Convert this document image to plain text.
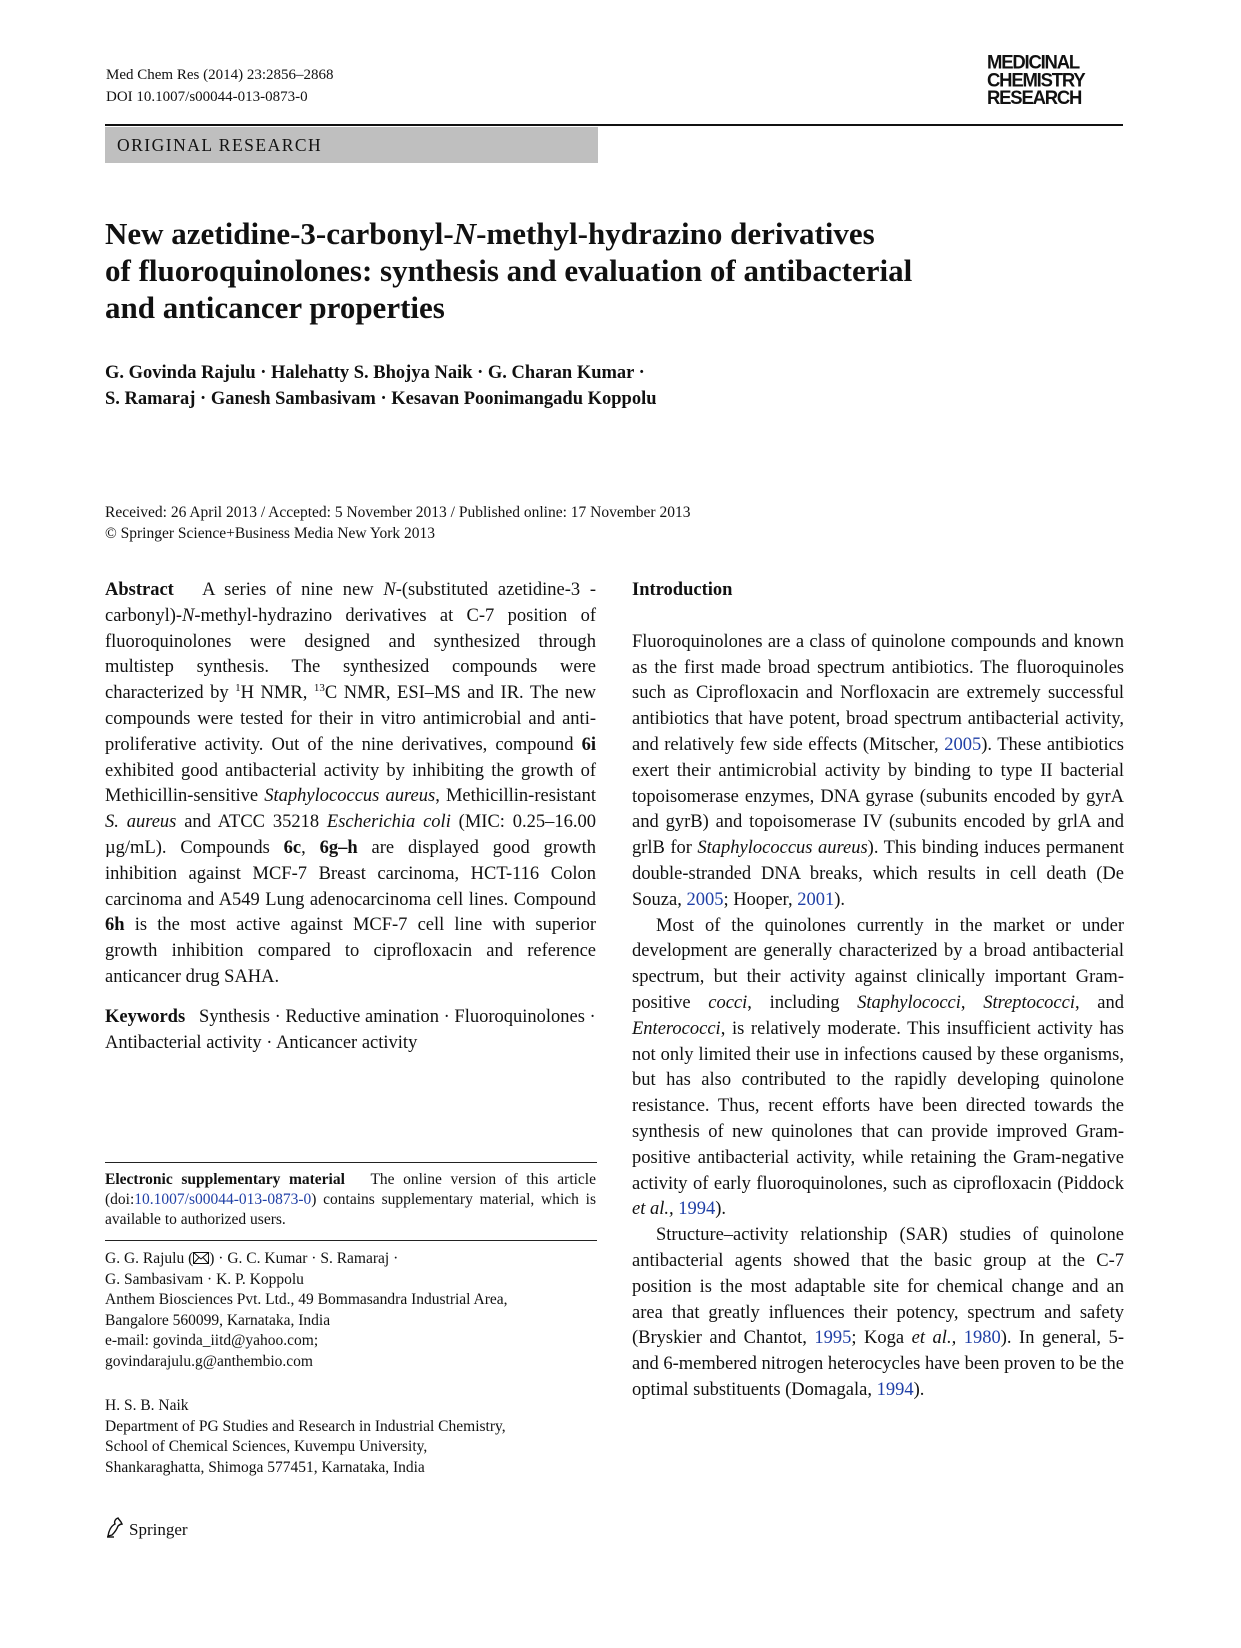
Med Chem Res (2014) 23:2856–2868
DOI 10.1007/s00044-013-0873-0
MEDICINAL
CHEMISTRY
RESEARCH
ORIGINAL RESEARCH
New azetidine-3-carbonyl-N-methyl-hydrazino derivatives
of fluoroquinolones: synthesis and evaluation of antibacterial
and anticancer properties
G. Govinda Rajulu · Halehatty S. Bhojya Naik · G. Charan Kumar ·
S. Ramaraj · Ganesh Sambasivam · Kesavan Poonimangadu Koppolu
Received: 26 April 2013 / Accepted: 5 November 2013 / Published online: 17 November 2013
© Springer Science+Business Media New York 2013

Abstract A series of nine new N-(substituted azetidine-3 -carbonyl)-N-methyl-hydrazino derivatives at C-7 position of fluoroquinolones were designed and synthesized through multistep synthesis. The synthesized compounds were characterized by $^1$H NMR, $^{13}$C NMR, ESI–MS and IR. The new compounds were tested for their in vitro antimicrobial and anti-proliferative activity. Out of the nine derivatives, compound 6i exhibited good antibacterial activity by inhibiting the growth of Methicillin-sensitive Staphylococcus aureus, Methicillin-resistant S. aureus and ATCC 35218 Escherichia coli (MIC: 0.25–16.00 µg/mL). Compounds 6c, 6g–h are displayed good growth inhibition against MCF-7 Breast carcinoma, HCT-116 Colon carcinoma and A549 Lung adenocarcinoma cell lines. Compound 6h is the most active against MCF-7 cell line with superior growth inhibition compared to ciprofloxacin and reference anticancer drug SAHA.

Keywords Synthesis · Reductive amination · Fluoroquinolones · Antibacterial activity · Anticancer activity

Electronic supplementary material The online version of this article (doi:10.1007/s00044-013-0873-0) contains supplementary material, which is available to authorized users.
G. G. Rajulu ( ) · G. C. Kumar · S. Ramaraj ·
G. Sambasivam · K. P. Koppolu
Anthem Biosciences Pvt. Ltd., 49 Bommasandra Industrial Area,
Bangalore 560099, Karnataka, India
e-mail: govinda_iitd@yahoo.com;
govindarajulu.g@anthembio.com
H. S. B. Naik
Department of PG Studies and Research in Industrial Chemistry,
School of Chemical Sciences, Kuvempu University,
Shankaraghatta, Shimoga 577451, Karnataka, India

Introduction

Fluoroquinolones are a class of quinolone compounds and known as the first made broad spectrum antibiotics. The fluoroquinoles such as Ciprofloxacin and Norfloxacin are extremely successful antibiotics that have potent, broad spectrum antibacterial activity, and relatively few side effects (Mitscher, 2005). These antibiotics exert their antimicrobial activity by binding to type II bacterial topoisomerase enzymes, DNA gyrase (subunits encoded by gyrA and gyrB) and topoisomerase IV (subunits encoded by grlA and grlB for Staphylococcus aureus). This binding induces permanent double-stranded DNA breaks, which results in cell death (De Souza, 2005; Hooper, 2001).

Most of the quinolones currently in the market or under development are generally characterized by a broad antibacterial spectrum, but their activity against clinically important Gram-positive cocci, including Staphylococci, Streptococci, and Enterococci, is relatively moderate. This insufficient activity has not only limited their use in infections caused by these organisms, but has also contributed to the rapidly developing quinolone resistance. Thus, recent efforts have been directed towards the synthesis of new quinolones that can provide improved Gram-positive antibacterial activity, while retaining the Gram-negative activity of early fluoroquinolones, such as ciprofloxacin (Piddock et al., 1994).

Structure–activity relationship (SAR) studies of quinolone antibacterial agents showed that the basic group at the C-7 position is the most adaptable site for chemical change and an area that greatly influences their potency, spectrum and safety (Bryskier and Chantot, 1995; Koga et al., 1980). In general, 5- and 6-membered nitrogen heterocycles have been proven to be the optimal substituents (Domagala, 1994).

Springer
